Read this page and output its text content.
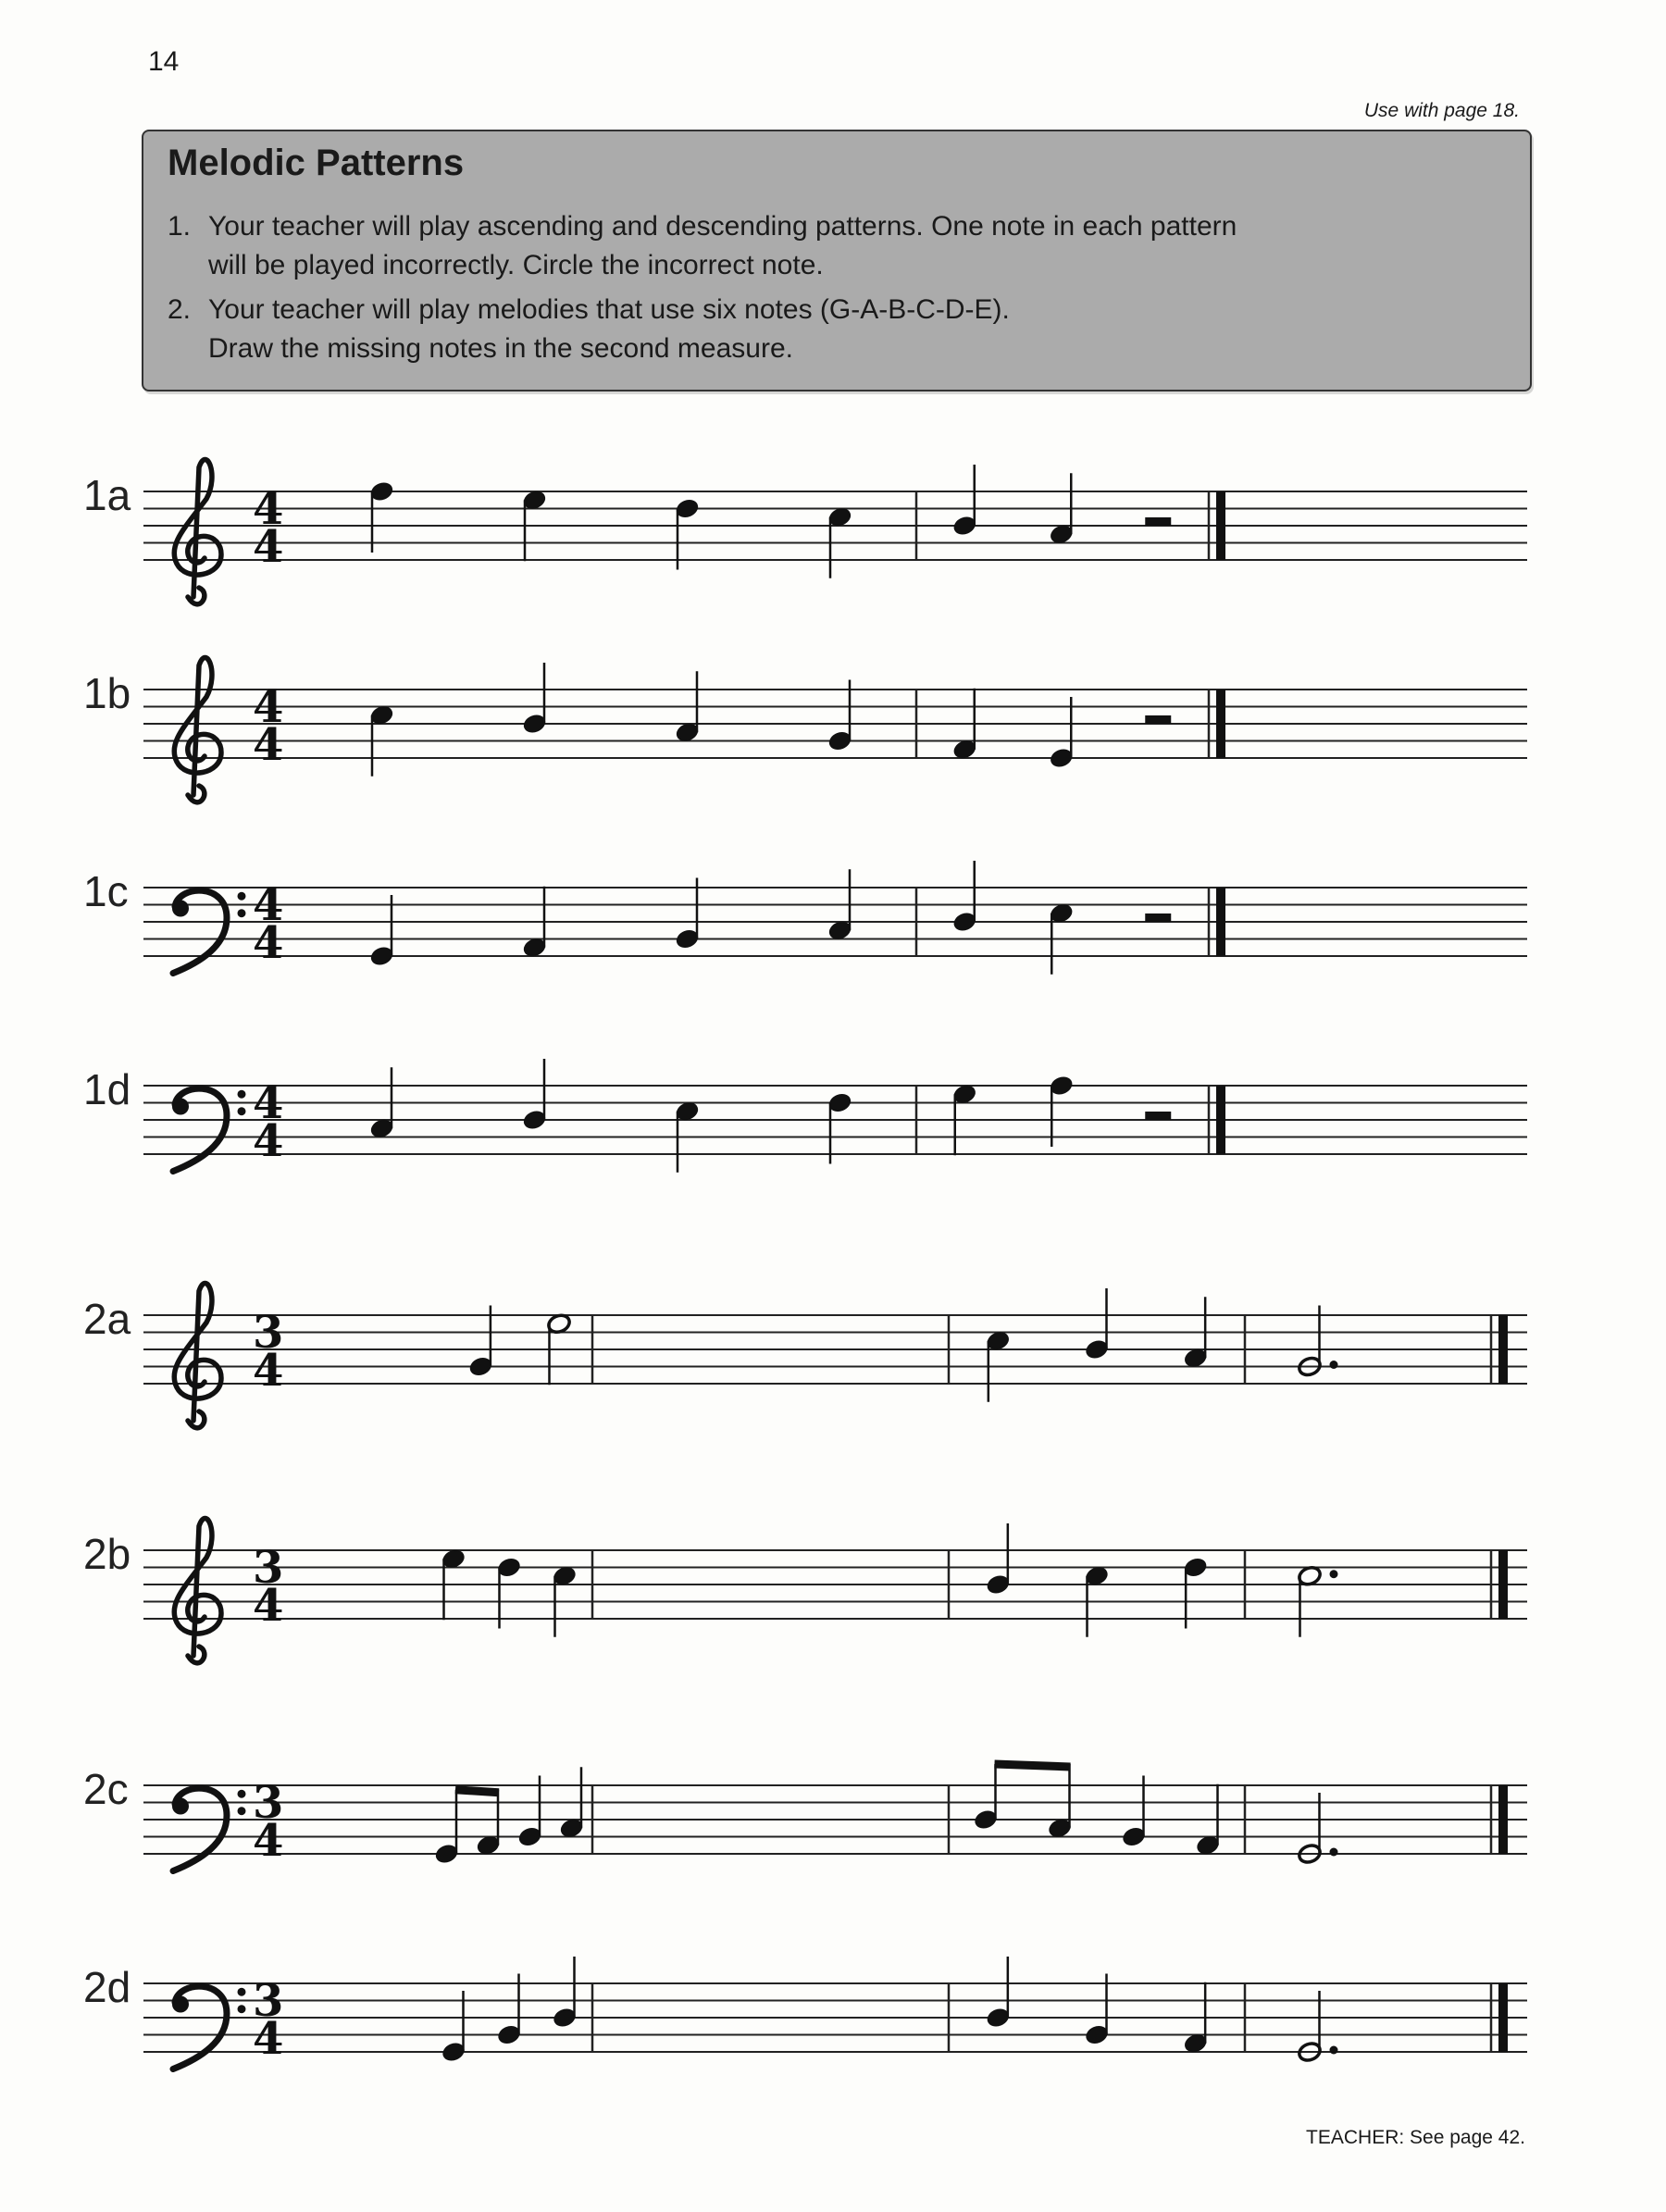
14
Use with page 18.
Melodic Patterns
1. Your teacher will play ascending and descending patterns. One note in each pattern
will be played incorrectly. Circle the incorrect note.
2. Your teacher will play melodies that use six notes (G-A-B-C-D-E).
Draw the missing notes in the second measure.
1a	4
4
1b	4
4
1c	4
4
1d	4
4
2a	3
4
2b	3
4
2c	3
4
2d	3
4
TEACHER: See page 42.
